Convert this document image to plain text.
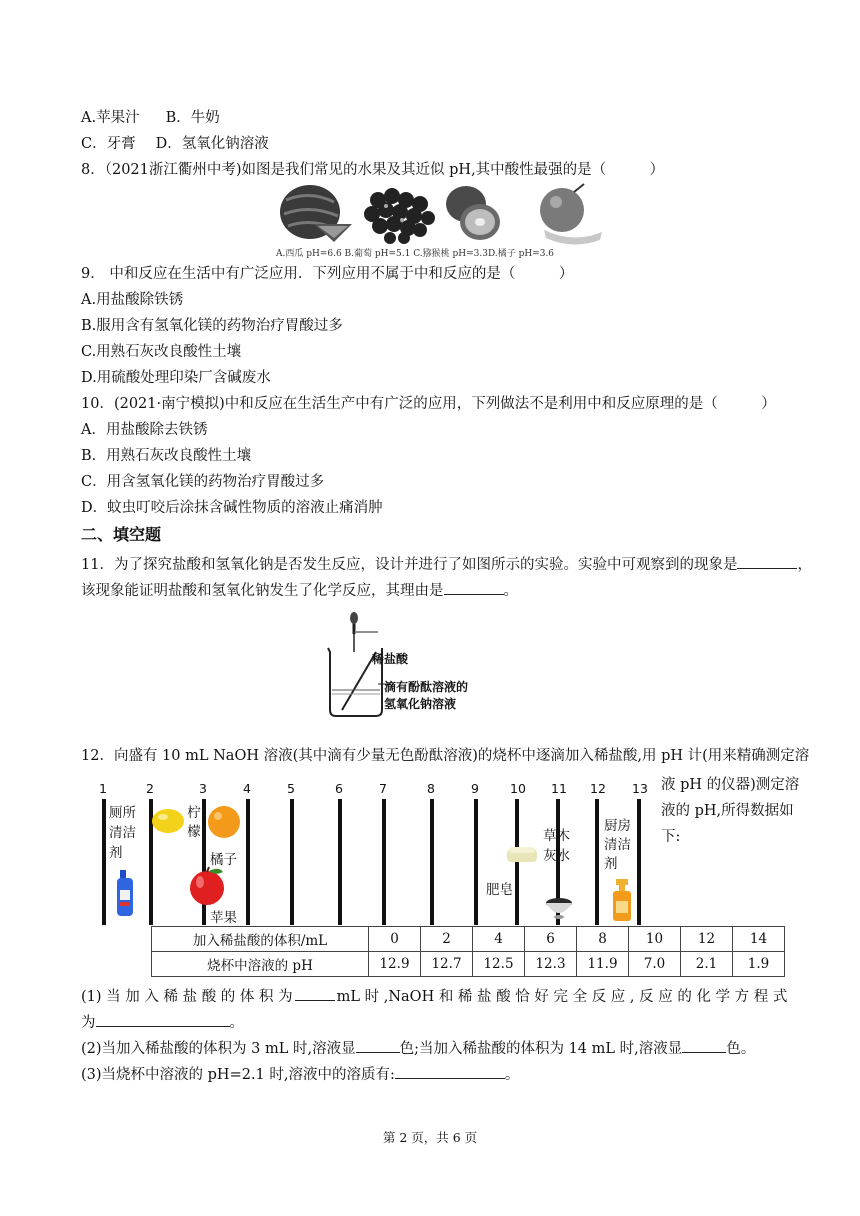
A.苹果汁 B．牛奶
C．牙膏 D．氢氧化钠溶液
8．（2021浙江衢州中考)如图是我们常见的水果及其近似 pH,其中酸性最强的是（　　　）
A.西瓜 pH=6.6 B.葡萄 pH=5.1 C.猕猴桃 pH=3.3D.橘子 pH=3.6
9． 中和反应在生活中有广泛应用．下列应用不属于中和反应的是（　　　）
A.用盐酸除铁锈
B.服用含有氢氧化镁的药物治疗胃酸过多
C.用熟石灰改良酸性土壤
D.用硫酸处理印染厂含碱废水
10．(2021·南宁模拟)中和反应在生活生产中有广泛的应用，下列做法不是利用中和反应原理的是（　　　）
A．用盐酸除去铁锈
B．用熟石灰改良酸性土壤
C．用含氢氧化镁的药物治疗胃酸过多
D．蚊虫叮咬后涂抹含碱性物质的溶液止痛消肿
二、填空题
11．为了探究盐酸和氢氧化钠是否发生反应，设计并进行了如图所示的实验。实验中可观察到的现象是	，
该现象能证明盐酸和氢氧化钠发生了化学反应，其理由是	。
稀盐酸
滴有酚酞溶液的
氢氧化钠溶液
12．向盛有 10 mL NaOH 溶液(其中滴有少量无色酚酞溶液)的烧杯中逐滴加入稀盐酸,用 pH 计(用来精确测定溶
液 pH 的仪器)测定溶
液的 pH,所得数据如
下:
1	2	3	4	5	6	7	8	9 10 11 12 13
厕所清洁剂
柠檬
橘子
苹果
肥皂
草木灰水
厨房清洁剂
加入稀盐酸的体积/mL	0	2	4	6	8	10	12	14
烧杯中溶液的 pH	12.9	12.7	12.5	12.3	11.9	7.0	2.1	1.9
(1) 当 加 入 稀 盐 酸 的 体 积 为	mL 时 ,NaOH 和 稀 盐 酸 恰 好 完 全 反 应 , 反 应 的 化 学 方 程 式
为	。
(2)当加入稀盐酸的体积为 3 mL 时,溶液显	色;当加入稀盐酸的体积为 14 mL 时,溶液显	色。
(3)当烧杯中溶液的 pH=2.1 时,溶液中的溶质有:	。
第 2 页，共 6 页
